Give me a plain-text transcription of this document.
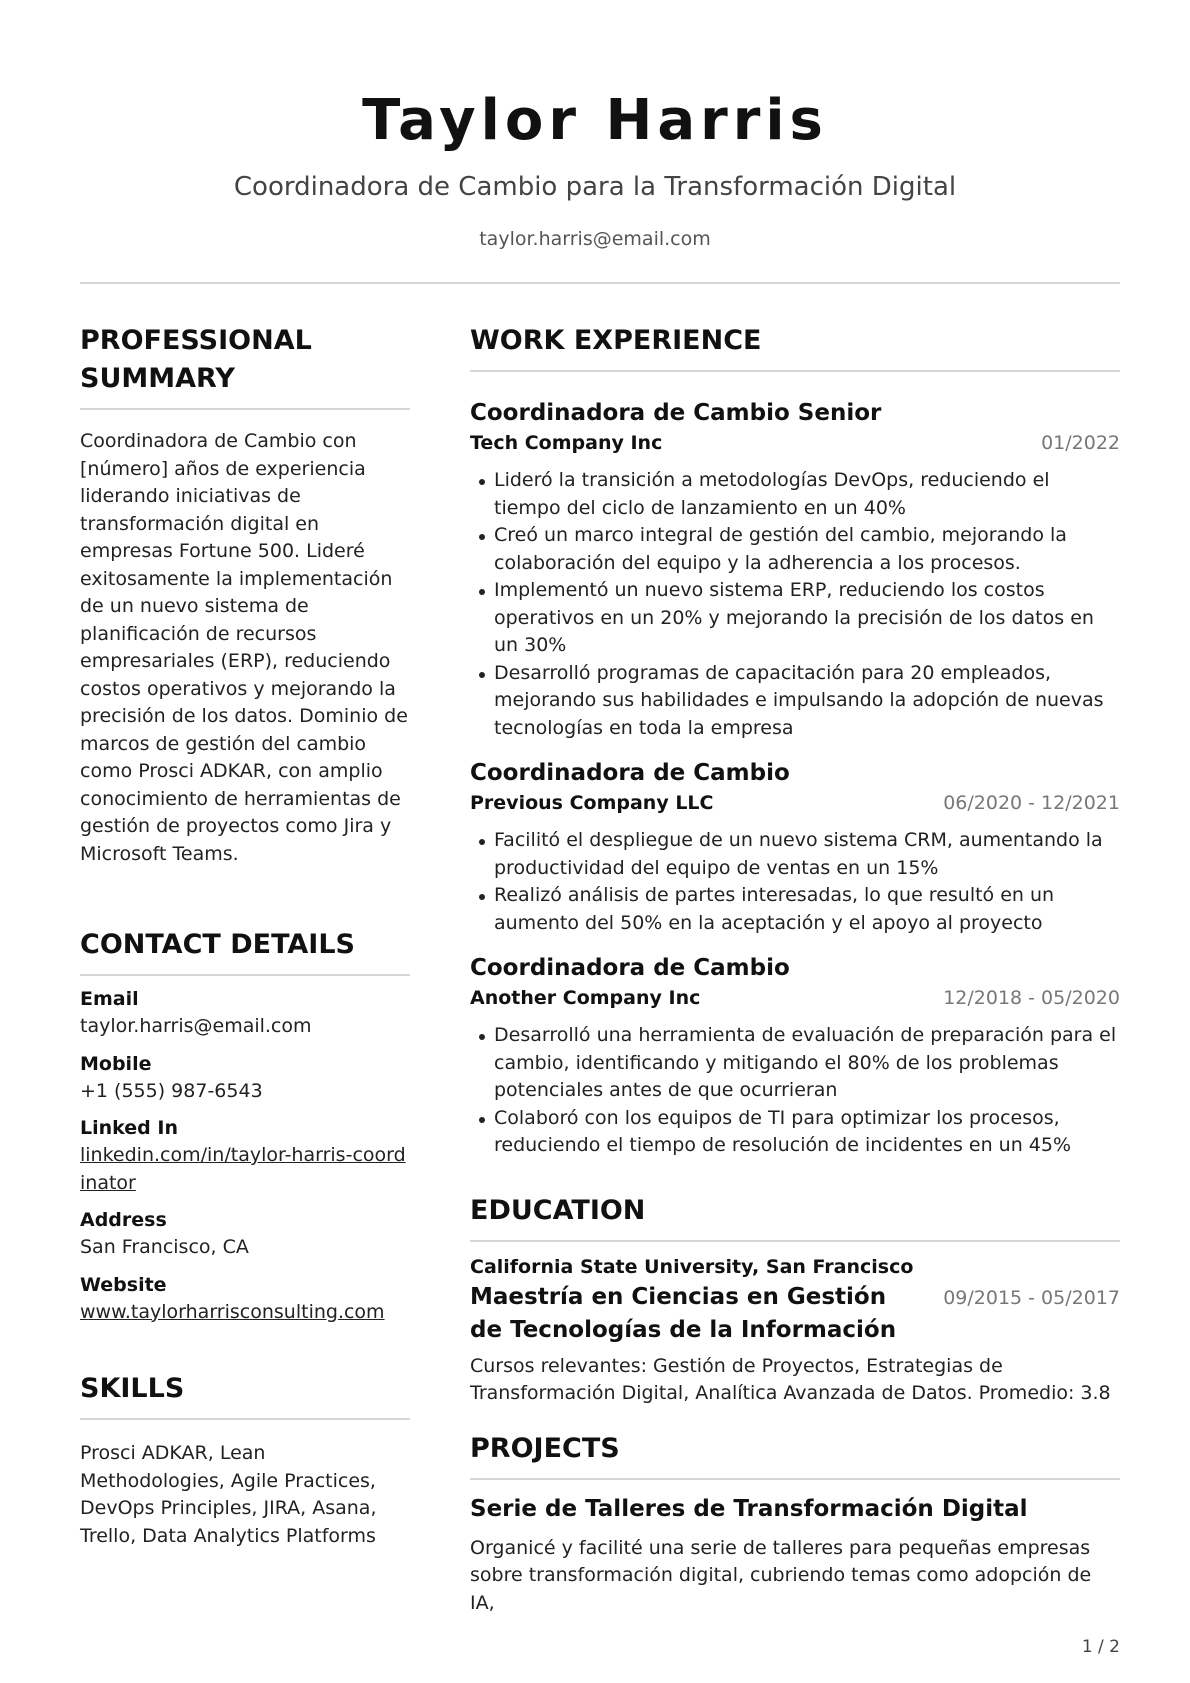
Taylor Harris
Coordinadora de Cambio para la Transformación Digital
taylor.harris@email.com
PROFESSIONAL SUMMARY
Coordinadora de Cambio con [número] años de experiencia liderando iniciativas de transformación digital en empresas Fortune 500. Lideré exitosamente la implementación de un nuevo sistema de planificación de recursos empresariales (ERP), reduciendo costos operativos y mejorando la precisión de los datos. Dominio de marcos de gestión del cambio como Prosci ADKAR, con amplio conocimiento de herramientas de gestión de proyectos como Jira y Microsoft Teams.
CONTACT DETAILS
Email
taylor.harris@email.com
Mobile
+1 (555) 987-6543
Linked In
linkedin.com/in/taylor-harris-coordinator
Address
San Francisco, CA
Website
www.taylorharrisconsulting.com
SKILLS
Prosci ADKAR, Lean Methodologies, Agile Practices, DevOps Principles, JIRA, Asana, Trello, Data Analytics Platforms
WORK EXPERIENCE
Coordinadora de Cambio Senior
Tech Company Inc	01/2022
Lideró la transición a metodologías DevOps, reduciendo el tiempo del ciclo de lanzamiento en un 40%
Creó un marco integral de gestión del cambio, mejorando la colaboración del equipo y la adherencia a los procesos.
Implementó un nuevo sistema ERP, reduciendo los costos operativos en un 20% y mejorando la precisión de los datos en un 30%
Desarrolló programas de capacitación para 20 empleados, mejorando sus habilidades e impulsando la adopción de nuevas tecnologías en toda la empresa
Coordinadora de Cambio
Previous Company LLC	06/2020 - 12/2021
Facilitó el despliegue de un nuevo sistema CRM, aumentando la productividad del equipo de ventas en un 15%
Realizó análisis de partes interesadas, lo que resultó en un aumento del 50% en la aceptación y el apoyo al proyecto
Coordinadora de Cambio
Another Company Inc	12/2018 - 05/2020
Desarrolló una herramienta de evaluación de preparación para el cambio, identificando y mitigando el 80% de los problemas potenciales antes de que ocurrieran
Colaboró con los equipos de TI para optimizar los procesos, reduciendo el tiempo de resolución de incidentes en un 45%
EDUCATION
California State University, San Francisco
Maestría en Ciencias en Gestión de Tecnologías de la Información
09/2015 - 05/2017
Cursos relevantes: Gestión de Proyectos, Estrategias de Transformación Digital, Analítica Avanzada de Datos. Promedio: 3.8
PROJECTS
Serie de Talleres de Transformación Digital
Organicé y facilité una serie de talleres para pequeñas empresas sobre transformación digital, cubriendo temas como adopción de IA,
1 / 2
